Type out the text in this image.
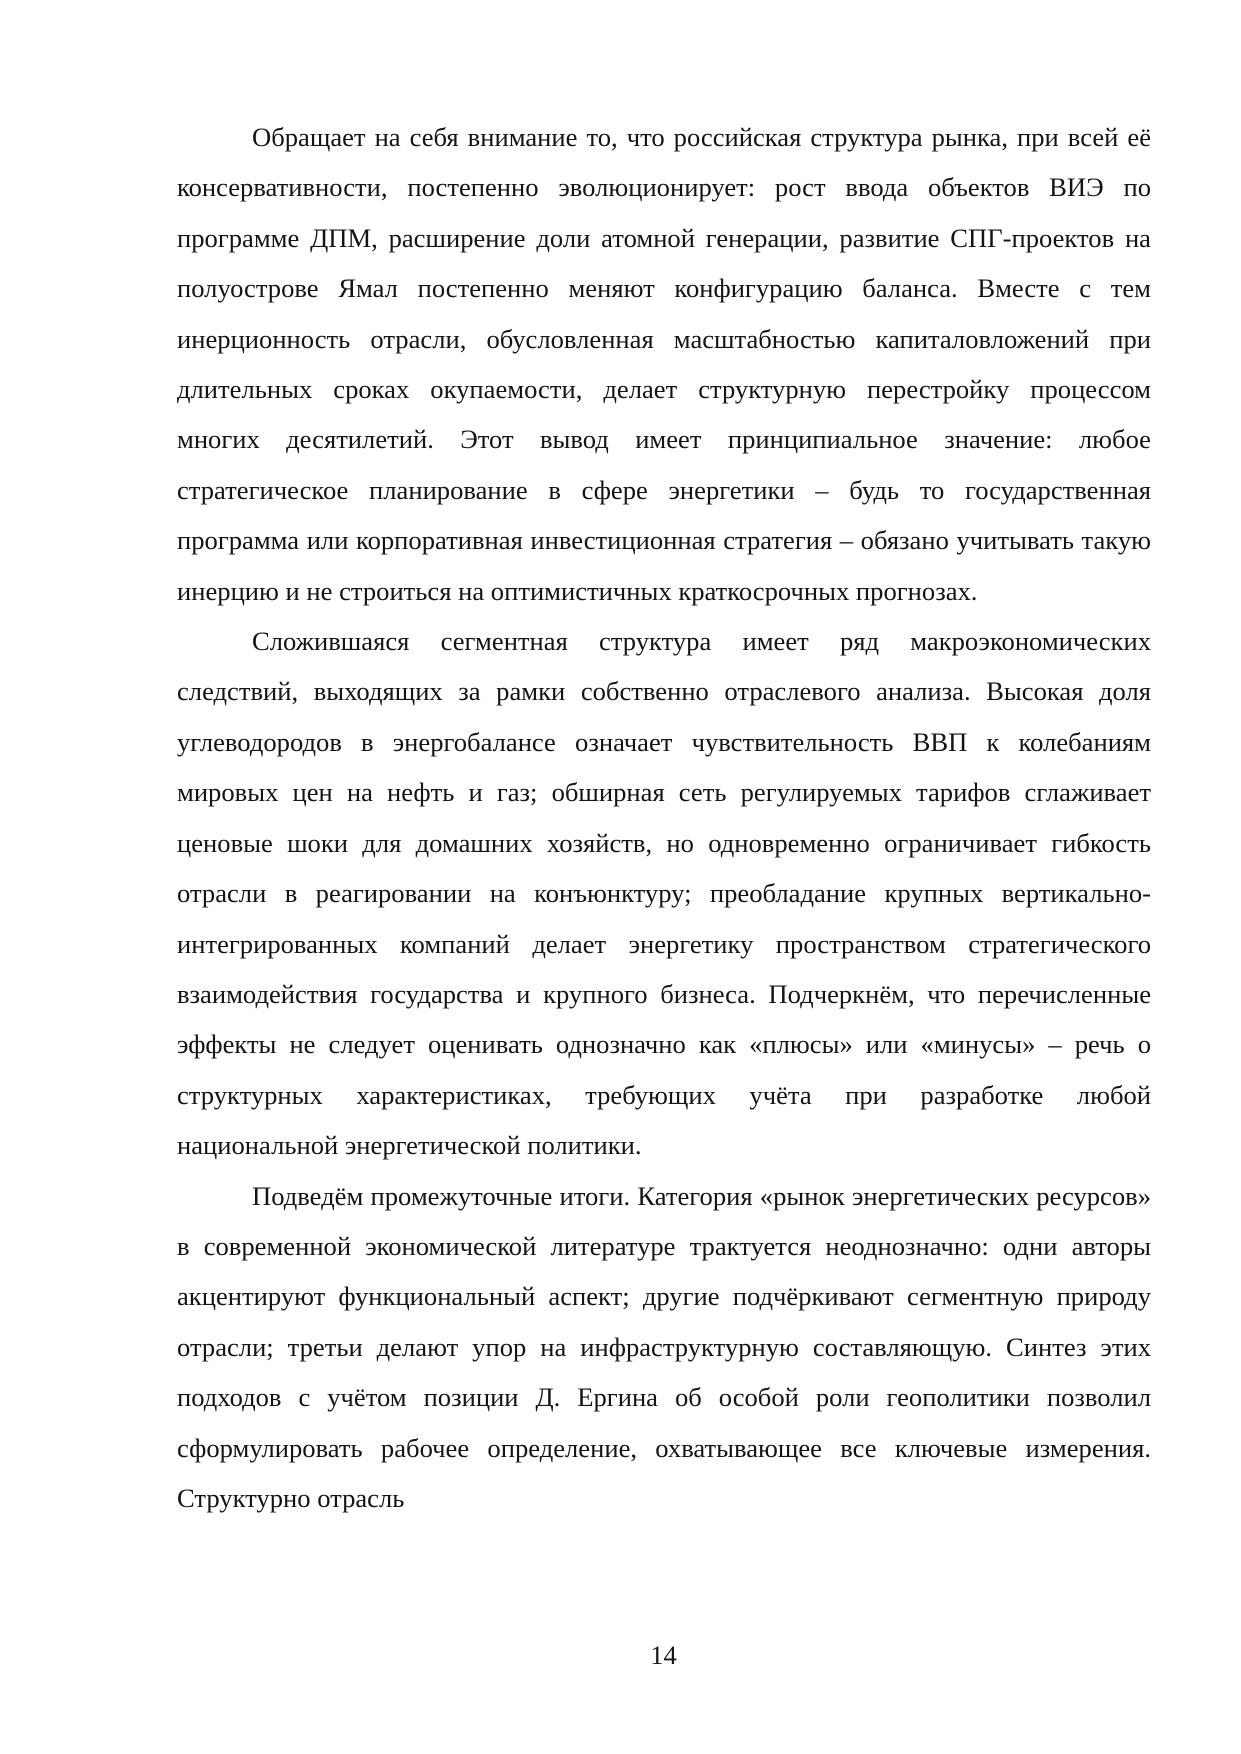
Обращает на себя внимание то, что российская структура рынка, при всей её консервативности, постепенно эволюционирует: рост ввода объектов ВИЭ по программе ДПМ, расширение доли атомной генерации, развитие СПГ-проектов на полуострове Ямал постепенно меняют конфигурацию баланса. Вместе с тем инерционность отрасли, обусловленная масштабностью капиталовложений при длительных сроках окупаемости, делает структурную перестройку процессом многих десятилетий. Этот вывод имеет принципиальное значение: любое стратегическое планирование в сфере энергетики – будь то государственная программа или корпоративная инвестиционная стратегия – обязано учитывать такую инерцию и не строиться на оптимистичных краткосрочных прогнозах.

Сложившаяся сегментная структура имеет ряд макроэкономических следствий, выходящих за рамки собственно отраслевого анализа. Высокая доля углеводородов в энергобалансе означает чувствительность ВВП к колебаниям мировых цен на нефть и газ; обширная сеть регулируемых тарифов сглаживает ценовые шоки для домашних хозяйств, но одновременно ограничивает гибкость отрасли в реагировании на конъюнктуру; преобладание крупных вертикально-интегрированных компаний делает энергетику пространством стратегического взаимодействия государства и крупного бизнеса. Подчеркнём, что перечисленные эффекты не следует оценивать однозначно как «плюсы» или «минусы» – речь о структурных характеристиках, требующих учёта при разработке любой национальной энергетической политики.

Подведём промежуточные итоги. Категория «рынок энергетических ресурсов» в современной экономической литературе трактуется неоднозначно: одни авторы акцентируют функциональный аспект; другие подчёркивают сегментную природу отрасли; третьи делают упор на инфраструктурную составляющую. Синтез этих подходов с учётом позиции Д. Ергина об особой роли геополитики позволил сформулировать рабочее определение, охватывающее все ключевые измерения. Структурно отрасль

14
